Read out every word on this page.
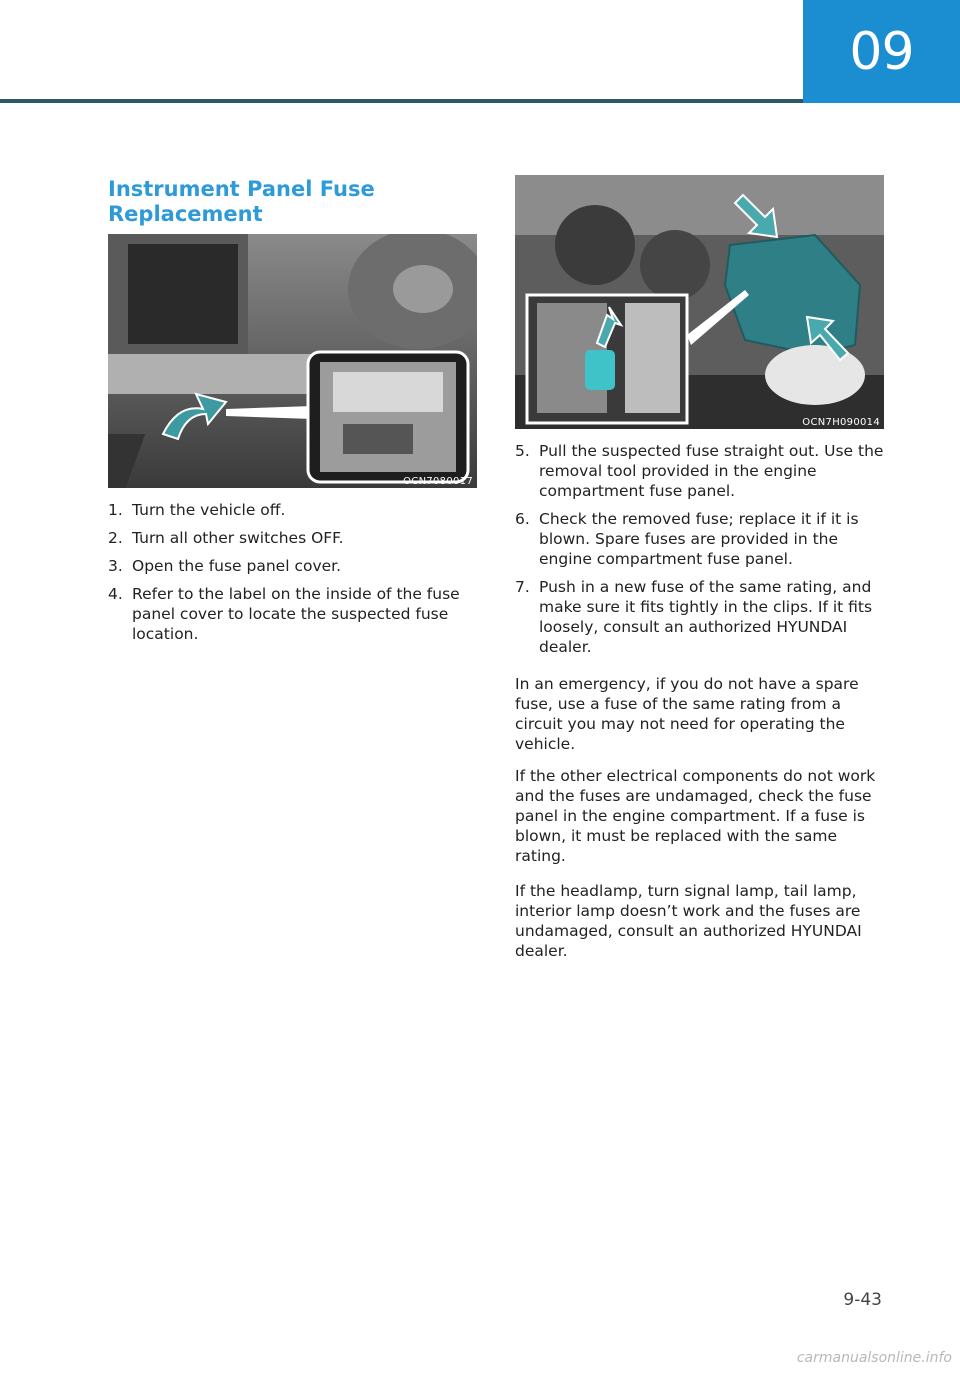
09
Instrument Panel Fuse Replacement
OCN7080017
1. Turn the vehicle off.
2. Turn all other switches OFF.
3. Open the fuse panel cover.
4. Refer to the label on the inside of the fuse panel cover to locate the suspected fuse location.
OCN7H090014
5. Pull the suspected fuse straight out. Use the removal tool provided in the engine compartment fuse panel.
6. Check the removed fuse; replace it if it is blown. Spare fuses are provided in the engine compartment fuse panel.
7. Push in a new fuse of the same rating, and make sure it fits tightly in the clips. If it fits loosely, consult an authorized HYUNDAI dealer.

In an emergency, if you do not have a spare fuse, use a fuse of the same rating from a circuit you may not need for operating the vehicle.

If the other electrical components do not work and the fuses are undamaged, check the fuse panel in the engine compartment. If a fuse is blown, it must be replaced with the same rating.

If the headlamp, turn signal lamp, tail lamp, interior lamp doesn’t work and the fuses are undamaged, consult an authorized HYUNDAI dealer.

9-43
carmanualsonline.info
